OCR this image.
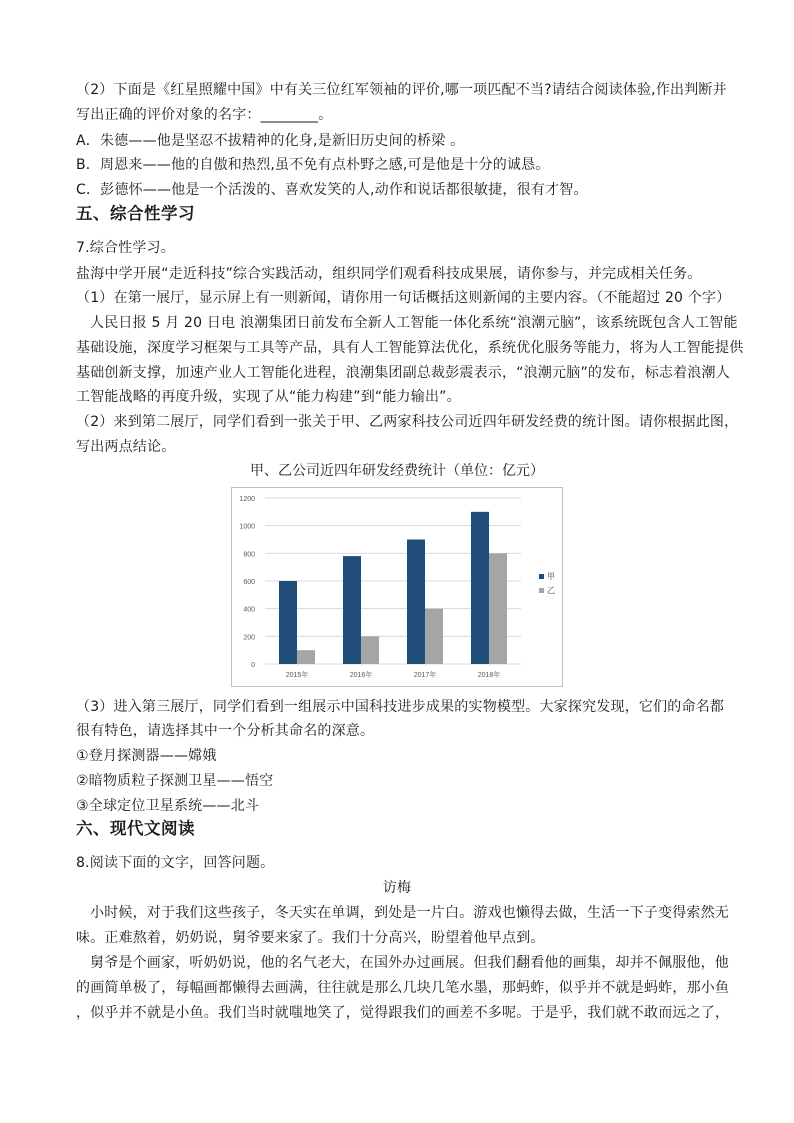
（2）下面是《红星照耀中国》中有关三位红军领袖的评价,哪一项匹配不当?请结合阅读体验,作出判断并
写出正确的评价对象的名字：________。
A．朱德——他是坚忍不拔精神的化身,是新旧历史间的桥梁 。
B．周恩来——他的自傲和热烈,虽不免有点朴野之感,可是他是十分的诚恳。
C．彭德怀——他是一个活泼的、喜欢发笑的人,动作和说话都很敏捷，很有才智。
五、综合性学习
7.综合性学习。
盐海中学开展“走近科技”综合实践活动，组织同学们观看科技成果展，请你参与，并完成相关任务。
（1）在第一展厅，显示屏上有一则新闻，请你用一句话概括这则新闻的主要内容。（不能超过 20 个字）
人民日报 5 月 20 日电 浪潮集团日前发布全新人工智能一体化系统“浪潮元脑”，该系统既包含人工智能
基础设施，深度学习框架与工具等产品，具有人工智能算法优化，系统优化服务等能力，将为人工智能提供
基础创新支撑，加速产业人工智能化进程，浪潮集团副总裁彭震表示，“浪潮元脑”的发布，标志着浪潮人
工智能战略的再度升级，实现了从“能力构建”到“能力输出”。
（2）来到第二展厅，同学们看到一张关于甲、乙两家科技公司近四年研发经费的统计图。请你根据此图，
写出两点结论。
甲、乙公司近四年研发经费统计（单位：亿元）
0
200
400
600
800
1000
1200
2015年	2016年	2017年	2018年
甲
乙
（3）进入第三展厅，同学们看到一组展示中国科技进步成果的实物模型。大家探究发现，它们的命名都
很有特色，请选择其中一个分析其命名的深意。
①登月探测器——嫦娥
②暗物质粒子探测卫星——悟空
③全球定位卫星系统——北斗
六、现代文阅读
8.阅读下面的文字，回答问题。
访梅
小时候，对于我们这些孩子，冬天实在单调，到处是一片白。游戏也懒得去做，生活一下子变得索然无
味。正难熬着，奶奶说，舅爷要来家了。我们十分高兴，盼望着他早点到。
舅爷是个画家，听奶奶说，他的名气老大，在国外办过画展。但我们翻看他的画集，却并不佩服他，他
的画简单极了，每幅画都懒得去画满，往往就是那么几块几笔水墨，那蚂蚱，似乎并不就是蚂蚱，那小鱼
，似乎并不就是小鱼。我们当时就嗤地笑了，觉得跟我们的画差不多呢。于是乎，我们就不敢而远之了，
